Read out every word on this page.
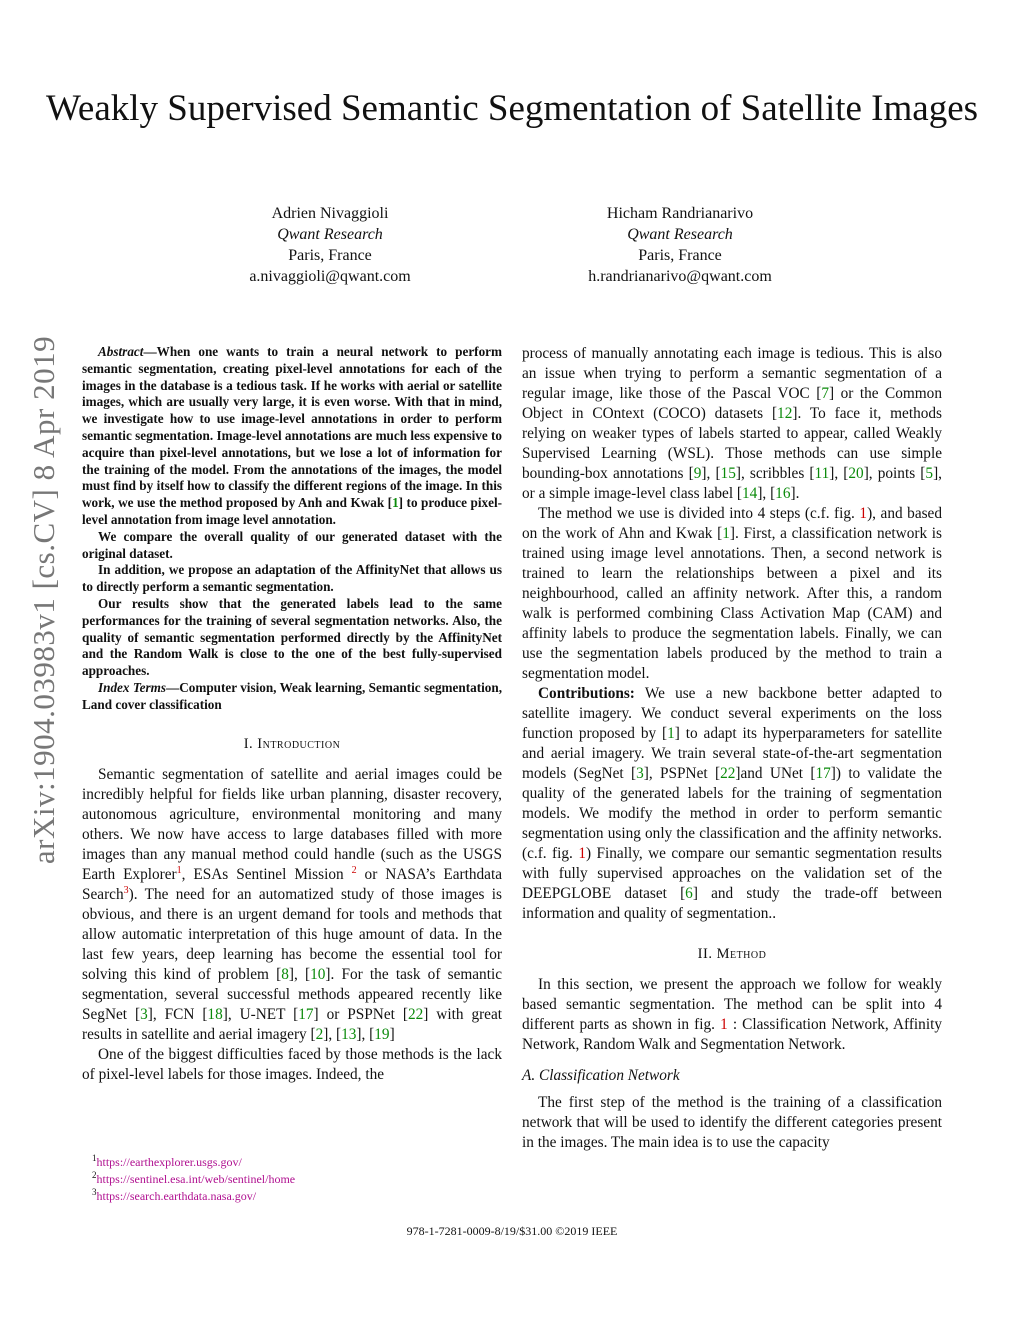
Weakly Supervised Semantic Segmentation of Satellite Images
Adrien Nivaggioli
Qwant Research
Paris, France
a.nivaggioli@qwant.com
Hicham Randrianarivo
Qwant Research
Paris, France
h.randrianarivo@qwant.com
arXiv:1904.03983v1 [cs.CV] 8 Apr 2019	Abstract—When one wants to train a neural network to perform semantic segmentation, creating pixel-level annotations for each of the images in the database is a tedious task. If he works with aerial or satellite images, which are usually very large, it is even worse. With that in mind, we investigate how to use image-level annotations in order to perform semantic segmentation. Image-level annotations are much less expensive to acquire than pixel-level annotations, but we lose a lot of information for the training of the model. From the annotations of the images, the model must find by itself how to classify the different regions of the image. In this work, we use the method proposed by Anh and Kwak [1] to produce pixel-level annotation from image level annotation.

We compare the overall quality of our generated dataset with the original dataset.

In addition, we propose an adaptation of the AffinityNet that allows us to directly perform a semantic segmentation.

Our results show that the generated labels lead to the same performances for the training of several segmentation networks. Also, the quality of semantic segmentation performed directly by the AffinityNet and the Random Walk is close to the one of the best fully-supervised approaches.

Index Terms—Computer vision, Weak learning, Semantic segmentation, Land cover classification

I. Introduction

Semantic segmentation of satellite and aerial images could be incredibly helpful for fields like urban planning, disaster recovery, autonomous agriculture, environmental monitoring and many others. We now have access to large databases filled with more images than any manual method could handle (such as the USGS Earth Explorer$^1$, ESAs Sentinel Mission $^2$ or NASA’s Earthdata Search$^3$). The need for an automatized study of those images is obvious, and there is an urgent demand for tools and methods that allow automatic interpretation of this huge amount of data. In the last few years, deep learning has become the essential tool for solving this kind of problem [8], [10]. For the task of semantic segmentation, several successful methods appeared recently like SegNet [3], FCN [18], U-NET [17] or PSPNet [22] with great results in satellite and aerial imagery [2], [13], [19]

One of the biggest difficulties faced by those methods is the lack of pixel-level labels for those images. Indeed, the

$^1$https://earthexplorer.usgs.gov/
$^2$https://sentinel.esa.int/web/sentinel/home
$^3$https://search.earthdata.nasa.gov/

process of manually annotating each image is tedious. This is also an issue when trying to perform a semantic segmentation of a regular image, like those of the Pascal VOC [7] or the Common Object in COntext (COCO) datasets [12]. To face it, methods relying on weaker types of labels started to appear, called Weakly Supervised Learning (WSL). Those methods can use simple bounding-box annotations [9], [15], scribbles [11], [20], points [5], or a simple image-level class label [14], [16].

The method we use is divided into 4 steps (c.f. fig. 1), and based on the work of Ahn and Kwak [1]. First, a classification network is trained using image level annotations. Then, a second network is trained to learn the relationships between a pixel and its neighbourhood, called an affinity network. After this, a random walk is performed combining Class Activation Map (CAM) and affinity labels to produce the segmentation labels. Finally, we can use the segmentation labels produced by the method to train a segmentation model.

Contributions: We use a new backbone better adapted to satellite imagery. We conduct several experiments on the loss function proposed by [1] to adapt its hyperparameters for satellite and aerial imagery. We train several state-of-the-art segmentation models (SegNet [3], PSPNet [22]and UNet [17]) to validate the quality of the generated labels for the training of segmentation models. We modify the method in order to perform semantic segmentation using only the classification and the affinity networks. (c.f. fig. 1) Finally, we compare our semantic segmentation results with fully supervised approaches on the validation set of the DEEPGLOBE dataset [6] and study the trade-off between information and quality of segmentation..

II. Method

In this section, we present the approach we follow for weakly based semantic segmentation. The method can be split into 4 different parts as shown in fig. 1 : Classification Network, Affinity Network, Random Walk and Segmentation Network.

A. Classification Network

The first step of the method is the training of a classification network that will be used to identify the different categories present in the images. The main idea is to use the capacity

978-1-7281-0009-8/19/$31.00 ©2019 IEEE
